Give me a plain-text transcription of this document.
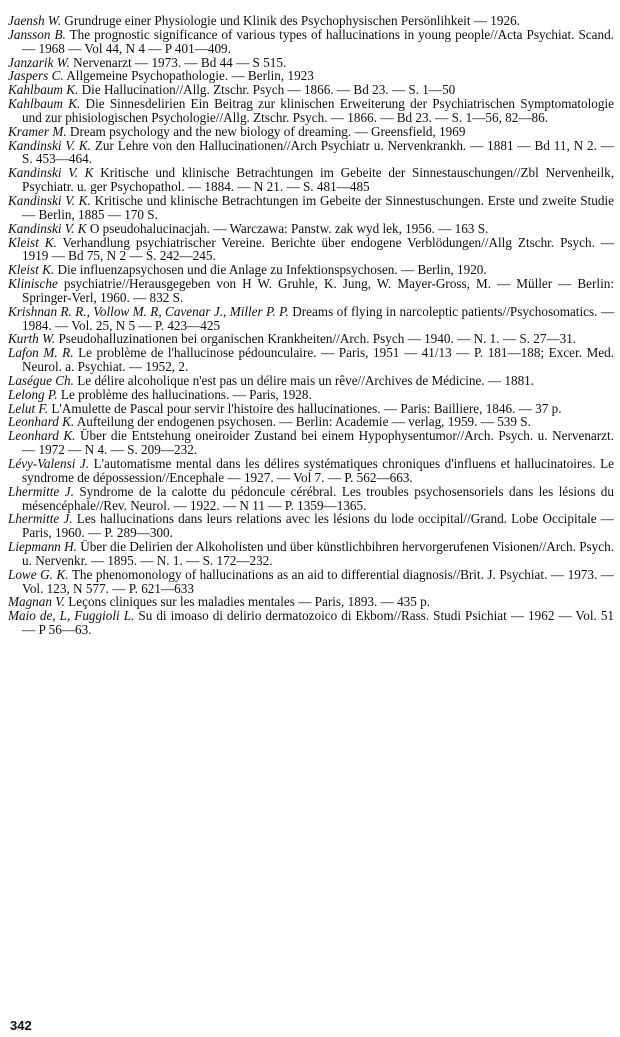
Jaensh W. Grundruge einer Physiologie und Klinik des Psychophysischen Persönlihkeit — 1926.

Jansson B. The prognostic significance of various types of hallucinations in young people//Acta Psychiat. Scand. — 1968 — Vol 44, N 4 — P 401—409.

Janzarik W. Nervenarzt — 1973. — Bd 44 — S 515.

Jaspers C. Allgemeine Psychopathologie. — Berlin, 1923

Kahlbaum K. Die Hallucination//Allg. Ztschr. Psych — 1866. — Bd 23. — S. 1—50

Kahlbaum K. Die Sinnesdelirien Ein Beitrag zur klinischen Erweiterung der Psychiatrischen Symptomatologie und zur phisiologischen Psychologie//Allg. Ztschr. Psych. — 1866. — Bd 23. — S. 1—56, 82—86.

Kramer M. Dream psychology and the new biology of dreaming. — Greensfield, 1969

Kandinski V. K. Zur Lehre von den Hallucinationen//Arch Psychiatr u. Nervenkrankh. — 1881 — Bd 11, N 2. — S. 453—464.

Kandinski V. K Kritische und klinische Betrachtungen im Gebeite der Sinnestauschungen//Zbl Nervenheilk, Psychiatr. u. ger Psychopathol. — 1884. — N 21. — S. 481—485

Kandinski V. K. Kritische und klinische Betrachtungen im Gebeite der Sinnestuschungen. Erste und zweite Studie — Berlin, 1885 — 170 S.

Kandinski V. K O pseudohalucinacjah. — Warczawa: Panstw. zak wyd lek, 1956. — 163 S.

Kleist K. Verhandlung psychiatrischer Vereine. Berichte über endogene Verblödungen//Allg Ztschr. Psych. — 1919 — Bd 75, N 2 — S. 242—245.

Kleist K. Die influenzapsychosen und die Anlage zu Infektionspsychosen. — Berlin, 1920.

Klinische psychiatrie//Herausgegeben von H W. Gruhle, K. Jung, W. Mayer-Gross, M. — Müller — Berlin: Springer-Verl, 1960. — 832 S.

Krishnan R. R., Vollow M. R, Cavenar J., Miller P. P. Dreams of flying in narcoleptic patients//Psychosomatics. — 1984. — Vol. 25, N 5 — P. 423—425

Kurth W. Pseudohalluzinationen bei organischen Krankheiten//Arch. Psych — 1940. — N. 1. — S. 27—31.

Lafon M. R. Le problème de l'hallucinose pédounculaire. — Paris, 1951 — 41/13 — P. 181—188; Excer. Med. Neurol. a. Psychiat. — 1952, 2.

Laségue Ch. Le délire alcoholique n'est pas un délire mais un rêve//Archives de Médicine. — 1881.

Lelong P. Le problème des hallucinations. — Paris, 1928.

Lelut F. L'Amulette de Pascal pour servir l'histoire des hallucinationes. — Paris: Bailliere, 1846. — 37 p.

Leonhard K. Aufteilung der endogenen psychosen. — Berlin: Academie — verlag, 1959. — 539 S.

Leonhard K. Über die Entstehung oneiroider Zustand bei einem Hypophysentumor//Arch. Psych. u. Nervenarzt. — 1972 — N 4. — S. 209—232.

Lévy-Valensi J. L'automatisme mental dans les délires systématiques chroniques d'influens et hallucinatoires. Le syndrome de dépossession//Encephale — 1927. — Vol 7. — P. 562—663.

Lhermitte J. Syndrome de la calotte du pédoncule cérébral. Les troubles psychosensoriels dans les lésions du mésencéphale//Rev. Neurol. — 1922. — N 11 — P. 1359—1365.

Lhermitte J. Les hallucinations dans leurs relations avec les lésions du lode occipital//Grand. Lobe Occipitale — Paris, 1960. — P. 289—300.

Liepmann H. Über die Delirien der Alkoholisten und über künstlichbihren hervorgerufenen Visionen//Arch. Psych. u. Nervenkr. — 1895. — N. 1. — S. 172—232.

Lowe G. K. The phenomonology of hallucinations as an aid to differential diagnosis//Brit. J. Psychiat. — 1973. — Vol. 123, N 577. — P. 621—633

Magnan V. Leçons cliniques sur les maladies mentales — Paris, 1893. — 435 p.

Maio de, L, Fuggioli L. Su di imoaso di delirio dermatozoico di Ekbom//Rass. Studi Psichiat — 1962 — Vol. 51 — P 56—63.

342
